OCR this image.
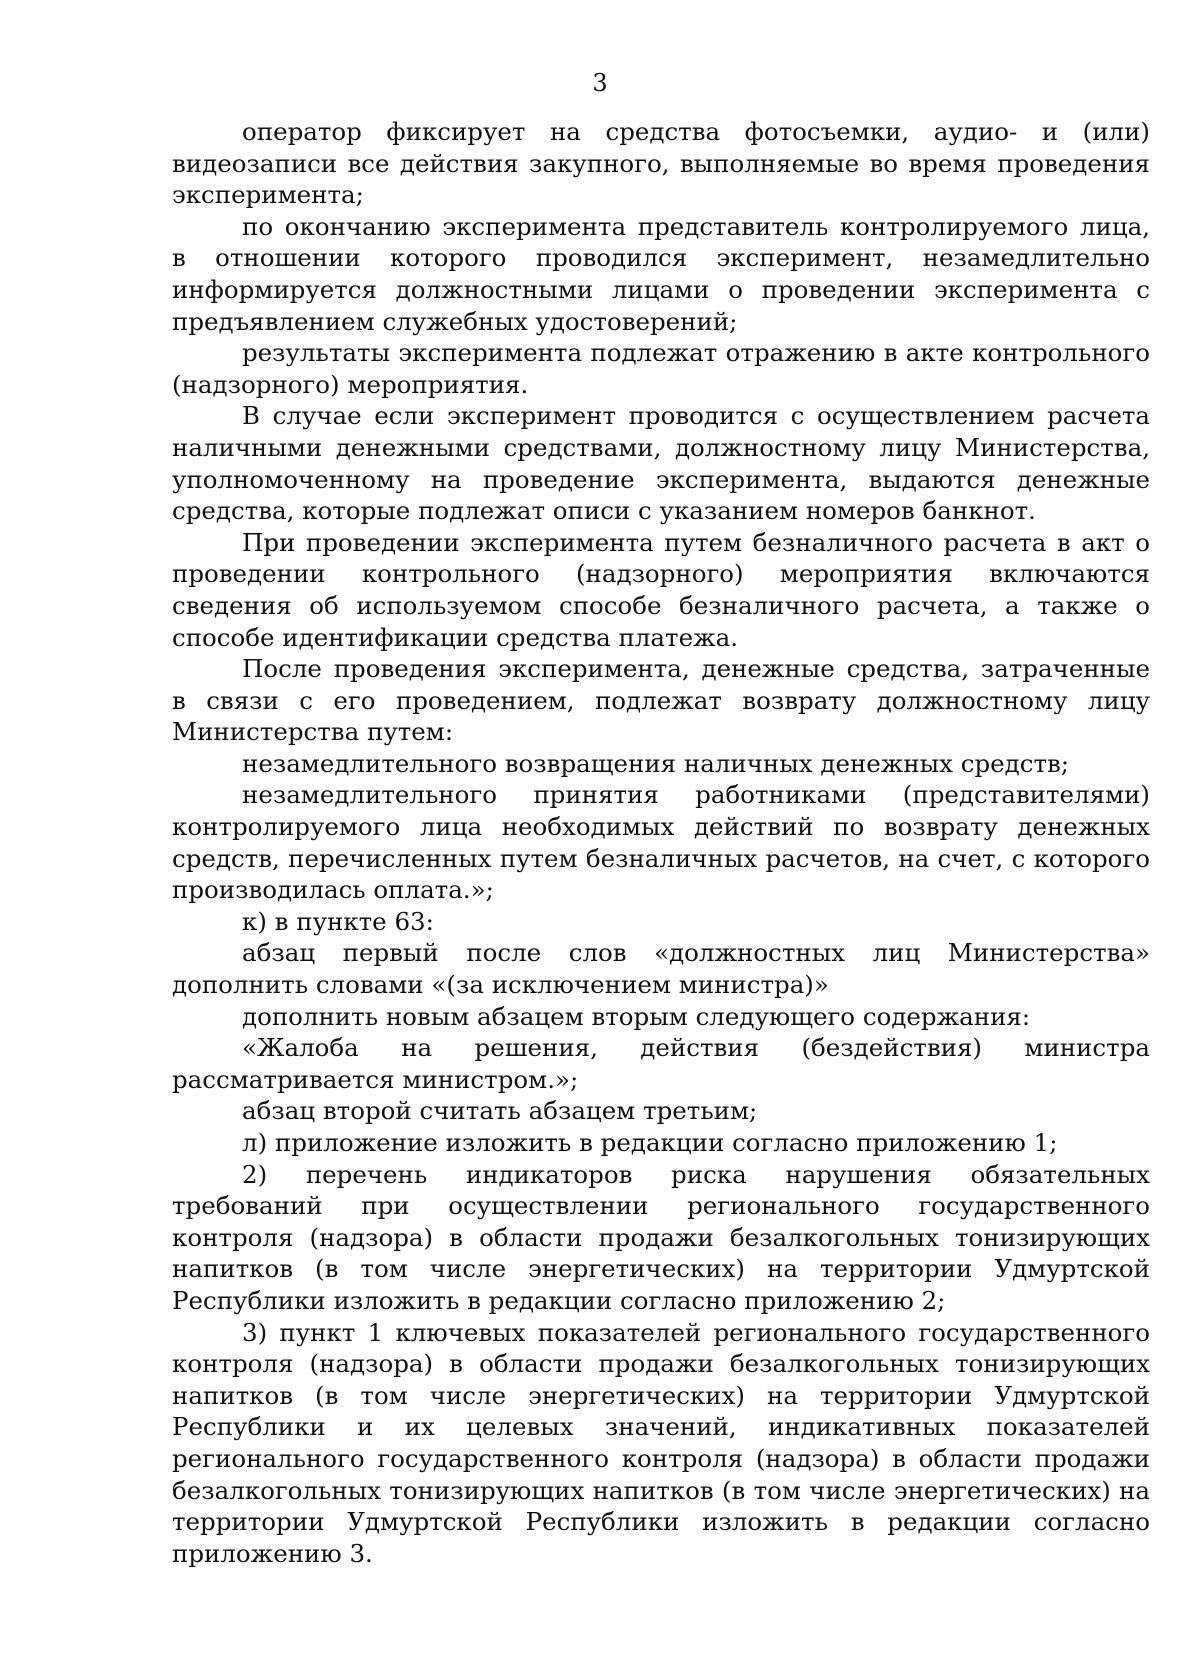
3

оператор фиксирует на средства фотосъемки, аудио- и (или) видеозаписи все действия закупного, выполняемые во время проведения эксперимента;

по окончанию эксперимента представитель контролируемого лица, в отношении которого проводился эксперимент, незамедлительно информируется должностными лицами о проведении эксперимента с предъявлением служебных удостоверений;

результаты эксперимента подлежат отражению в акте контрольного (надзорного) мероприятия.

В случае если эксперимент проводится с осуществлением расчета наличными денежными средствами, должностному лицу Министерства, уполномоченному на проведение эксперимента, выдаются денежные средства, которые подлежат описи с указанием номеров банкнот.

При проведении эксперимента путем безналичного расчета в акт о проведении контрольного (надзорного) мероприятия включаются сведения об используемом способе безналичного расчета, а также о способе идентификации средства платежа.

После проведения эксперимента, денежные средства, затраченные в связи с его проведением, подлежат возврату должностному лицу Министерства путем:

незамедлительного возвращения наличных денежных средств;

незамедлительного принятия работниками (представителями) контролируемого лица необходимых действий по возврату денежных средств, перечисленных путем безналичных расчетов, на счет, с которого производилась оплата.»;

к) в пункте 63:

абзац первый после слов «должностных лиц Министерства» дополнить словами «(за исключением министра)»

дополнить новым абзацем вторым следующего содержания:

«Жалоба на решения, действия (бездействия) министра рассматривается министром.»;

абзац второй считать абзацем третьим;

л) приложение изложить в редакции согласно приложению 1;

2) перечень индикаторов риска нарушения обязательных требований при осуществлении регионального государственного контроля (надзора) в области продажи безалкогольных тонизирующих напитков (в том числе энергетических) на территории Удмуртской Республики изложить в редакции согласно приложению 2;

3) пункт 1 ключевых показателей регионального государственного контроля (надзора) в области продажи безалкогольных тонизирующих напитков (в том числе энергетических) на территории Удмуртской Республики и их целевых значений, индикативных показателей регионального государственного контроля (надзора) в области продажи безалкогольных тонизирующих напитков (в том числе энергетических) на территории Удмуртской Республики изложить в редакции согласно приложению 3.
